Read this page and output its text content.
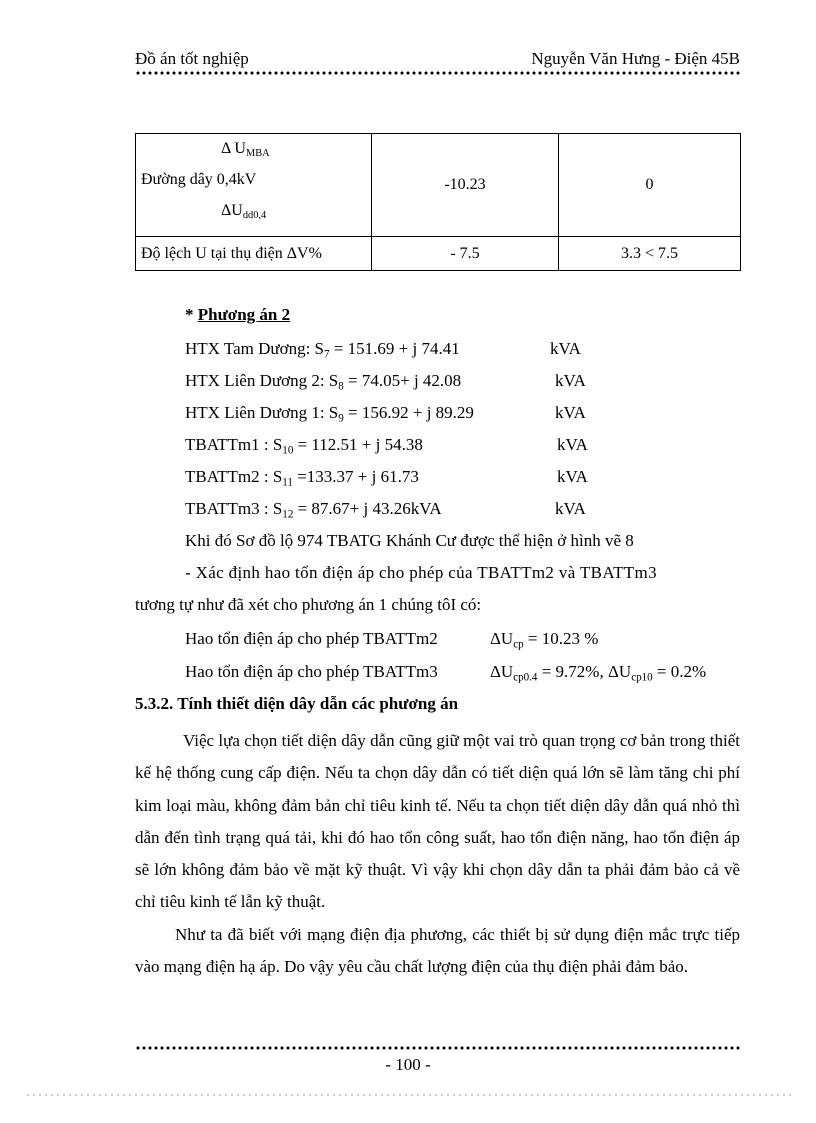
Đồ án tốt nghiệp	Nguyễn Văn Hưng - Điện 45B
Δ $U_{MBA}$
Đường dây 0,4kV
$\Delta U_{dd0,4}$	-10.23	0
Độ lệch U tại thụ điện ΔV%	- 7.5	3.3 < 7.5
* Phương án 2
HTX Tam Dương: $S_7 = 151.69 + j$ 74.41	kVA
HTX Liên Dương 2: $S_8 = 74.05+ j$ 42.08	kVA
HTX Liên Dương 1: $S_9 = 156.92 + j$ 89.29	kVA
TBATTm1 : $S_{10} = 112.51 + j$ 54.38	kVA
TBATTm2 : $S_{11} =133.37 + j$ 61.73	kVA
TBATTm3 : $S_{12} = 87.67+ j$ 43.26kVA	kVA
Khi đó Sơ đồ lộ 974 TBATG Khánh Cư được thể hiện ở hình vẽ 8
- Xác định hao tổn điện áp cho phép của TBATTm2 và TBATTm3
tương tự như đã xét cho phương án 1 chúng tôI có:
Hao tổn điện áp cho phép TBATTm2	$\Delta U_{cp} = 10.23$ %
Hao tổn điện áp cho phép TBATTm3	$\Delta U_{cp0.4} = 9.72\%$, $\Delta U_{cp10} = 0.2\%$
5.3.2. Tính thiết diện dây dẫn các phương án
Việc lựa chọn tiết diện dây dẫn cũng giữ một vai trò quan trọng cơ bản trong thiết kế hệ thống cung cấp điện. Nếu ta chọn dây dẫn có tiết diện quá lớn sẽ làm tăng chi phí kim loại màu, không đảm bản chỉ tiêu kinh tế. Nếu ta chọn tiết diện dây dẫn quá nhỏ thì dẫn đến tình trạng quá tải, khi đó hao tổn công suất, hao tổn điện năng, hao tổn điện áp sẽ lớn không đảm bảo về mặt kỹ thuật. Vì vậy khi chọn dây dẫn ta phải đảm bảo cả về chỉ tiêu kinh tế lẫn kỹ thuật.
Như ta đã biết với mạng điện địa phương, các thiết bị sử dụng điện mắc trực tiếp vào mạng điện hạ áp. Do vậy yêu cầu chất lượng điện của thụ điện phải đảm bảo.
- 100 -
